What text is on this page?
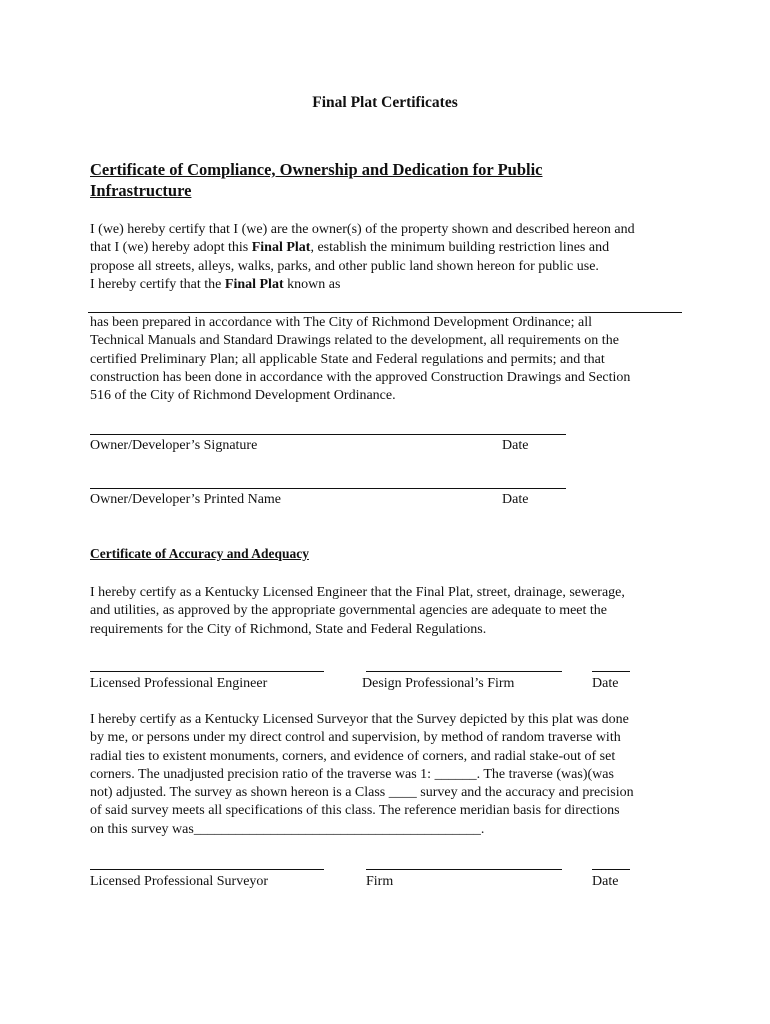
Final Plat Certificates
Certificate of Compliance, Ownership and Dedication for Public
Infrastructure

I (we) hereby certify that I (we) are the owner(s) of the property shown and described hereon and

that I (we) hereby adopt this Final Plat, establish the minimum building restriction lines and

propose all streets, alleys, walks, parks, and other public land shown hereon for public use.

I hereby certify that the Final Plat known as

has been prepared in accordance with The City of Richmond Development Ordinance; all

Technical Manuals and Standard Drawings related to the development, all requirements on the

certified Preliminary Plan; all applicable State and Federal regulations and permits; and that

construction has been done in accordance with the approved Construction Drawings and Section

516 of the City of Richmond Development Ordinance.

Owner/Developer’s Signature	Date
Owner/Developer’s Printed Name	Date
Certificate of Accuracy and Adequacy

I hereby certify as a Kentucky Licensed Engineer that the Final Plat, street, drainage, sewerage,

and utilities, as approved by the appropriate governmental agencies are adequate to meet the

requirements for the City of Richmond, State and Federal Regulations.

Licensed Professional Engineer	Design Professional’s Firm	Date

I hereby certify as a Kentucky Licensed Surveyor that the Survey depicted by this plat was done

by me, or persons under my direct control and supervision, by method of random traverse with

radial ties to existent monuments, corners, and evidence of corners, and radial stake-out of set

corners. The unadjusted precision ratio of the traverse was 1: ______. The traverse (was)(was

not) adjusted. The survey as shown hereon is a Class ____ survey and the accuracy and precision

of said survey meets all specifications of this class. The reference meridian basis for directions

on this survey was_________________________________________.

Licensed Professional Surveyor	Firm	Date
